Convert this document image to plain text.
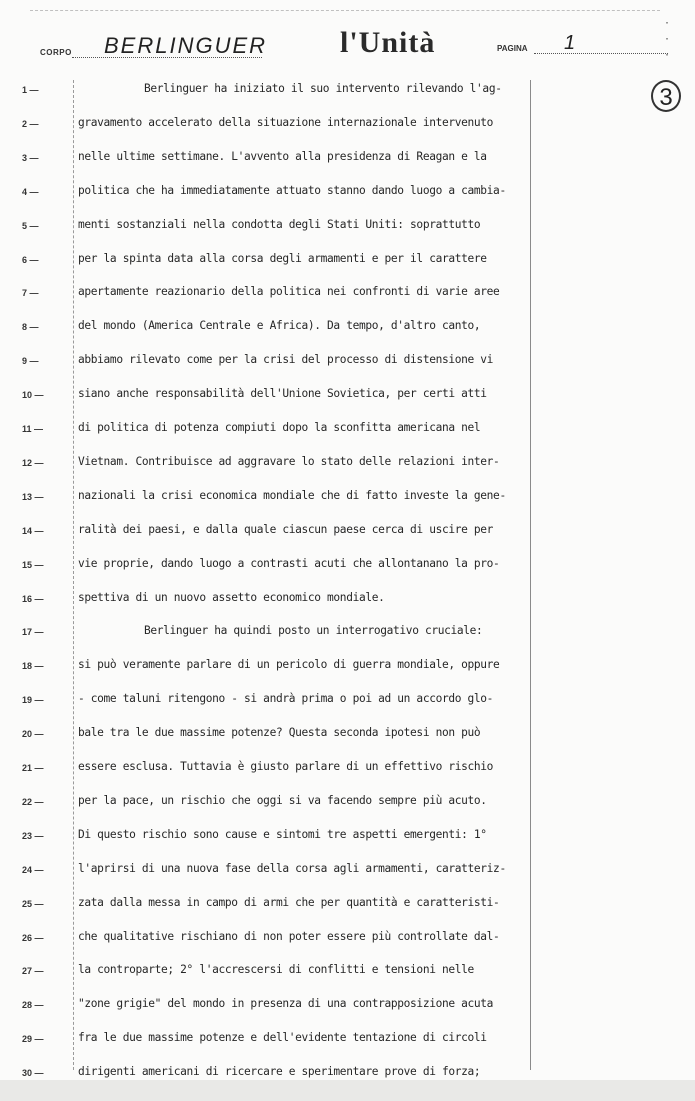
CORPO	BERLINGUER l'Unità	PAGINA	1
3
·
·
·
1 —	Berlinguer ha iniziato il suo intervento rilevando l'ag-
2 —	gravamento accelerato della situazione internazionale intervenuto
3 —	nelle ultime settimane. L'avvento alla presidenza di Reagan e la
4 —	politica che ha immediatamente attuato stanno dando luogo a cambia-
5 —	menti sostanziali nella condotta degli Stati Uniti: soprattutto
6 —	per la spinta data alla corsa degli armamenti e per il carattere
7 —	apertamente reazionario della politica nei confronti di varie aree
8 —	del mondo (America Centrale e Africa). Da tempo, d'altro canto,
9 —	abbiamo rilevato come per la crisi del processo di distensione vi
10 —	siano anche responsabilità dell'Unione Sovietica, per certi atti
11 —	di politica di potenza compiuti dopo la sconfitta americana nel
12 —	Vietnam. Contribuisce ad aggravare lo stato delle relazioni inter-
13 —	nazionali la crisi economica mondiale che di fatto investe la gene-
14 —	ralità dei paesi, e dalla quale ciascun paese cerca di uscire per
15 —	vie proprie, dando luogo a contrasti acuti che allontanano la pro-
16 —	spettiva di un nuovo assetto economico mondiale.
17 —	Berlinguer ha quindi posto un interrogativo cruciale:
18 —	si può veramente parlare di un pericolo di guerra mondiale, oppure
19 —	- come taluni ritengono - si andrà prima o poi ad un accordo glo-
20 —	bale tra le due massime potenze? Questa seconda ipotesi non può
21 —	essere esclusa. Tuttavia è giusto parlare di un effettivo rischio
22 —	per la pace, un rischio che oggi si va facendo sempre più acuto.
23 —	Di questo rischio sono cause e sintomi tre aspetti emergenti: 1°
24 —	l'aprirsi di una nuova fase della corsa agli armamenti, caratteriz-
25 —	zata dalla messa in campo di armi che per quantità e caratteristi-
26 —	che qualitative rischiano di non poter essere più controllate dal-
27 —	la controparte; 2° l'accrescersi di conflitti e tensioni nelle
28 —	"zone grigie" del mondo in presenza di una contrapposizione acuta
29 —	fra le due massime potenze e dell'evidente tentazione di circoli
30 —	dirigenti americani di ricercare e sperimentare prove di forza;
